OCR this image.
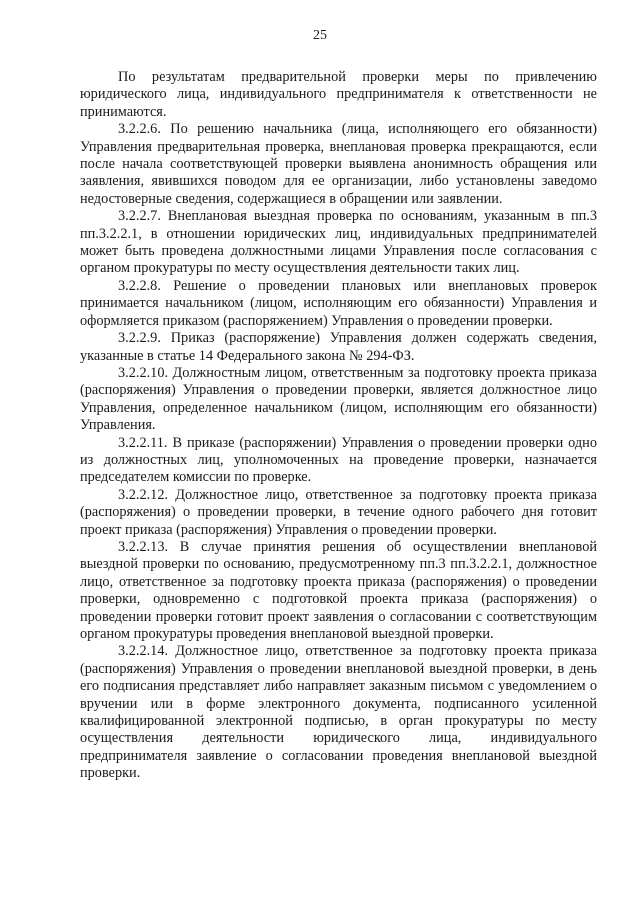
25

По результатам предварительной проверки меры по привлечению юридического лица, индивидуального предпринимателя к ответственности не принимаются.

3.2.2.6. По решению начальника (лица, исполняющего его обязанности) Управления предварительная проверка, внеплановая проверка прекращаются, если после начала соответствующей проверки выявлена анонимность обращения или заявления, явившихся поводом для ее организации, либо установлены заведомо недостоверные сведения, содержащиеся в обращении или заявлении.

3.2.2.7. Внеплановая выездная проверка по основаниям, указанным в пп.3 пп.3.2.2.1, в отношении юридических лиц, индивидуальных предпринимателей может быть проведена должностными лицами Управления после согласования с органом прокуратуры по месту осуществления деятельности таких лиц.

3.2.2.8. Решение о проведении плановых или внеплановых проверок принимается начальником (лицом, исполняющим его обязанности) Управления и оформляется приказом (распоряжением) Управления о проведении проверки.

3.2.2.9. Приказ (распоряжение) Управления должен содержать сведения, указанные в статье 14 Федерального закона № 294-ФЗ.

3.2.2.10. Должностным лицом, ответственным за подготовку проекта приказа (распоряжения) Управления о проведении проверки, является должностное лицо Управления, определенное начальником (лицом, исполняющим его обязанности) Управления.

3.2.2.11. В приказе (распоряжении) Управления о проведении проверки одно из должностных лиц, уполномоченных на проведение проверки, назначается председателем комиссии по проверке.

3.2.2.12. Должностное лицо, ответственное за подготовку проекта приказа (распоряжения) о проведении проверки, в течение одного рабочего дня готовит проект приказа (распоряжения) Управления о проведении проверки.

3.2.2.13. В случае принятия решения об осуществлении внеплановой выездной проверки по основанию, предусмотренному пп.3 пп.3.2.2.1, должностное лицо, ответственное за подготовку проекта приказа (распоряжения) о проведении проверки, одновременно с подготовкой проекта приказа (распоряжения) о проведении проверки готовит проект заявления о согласовании с соответствующим органом прокуратуры проведения внеплановой выездной проверки.

3.2.2.14. Должностное лицо, ответственное за подготовку проекта приказа (распоряжения) Управления о проведении внеплановой выездной проверки, в день его подписания представляет либо направляет заказным письмом с уведомлением о вручении или в форме электронного документа, подписанного усиленной квалифицированной электронной подписью, в орган прокуратуры по месту осуществления деятельности юридического лица, индивидуального предпринимателя заявление о согласовании проведения внеплановой выездной проверки.
